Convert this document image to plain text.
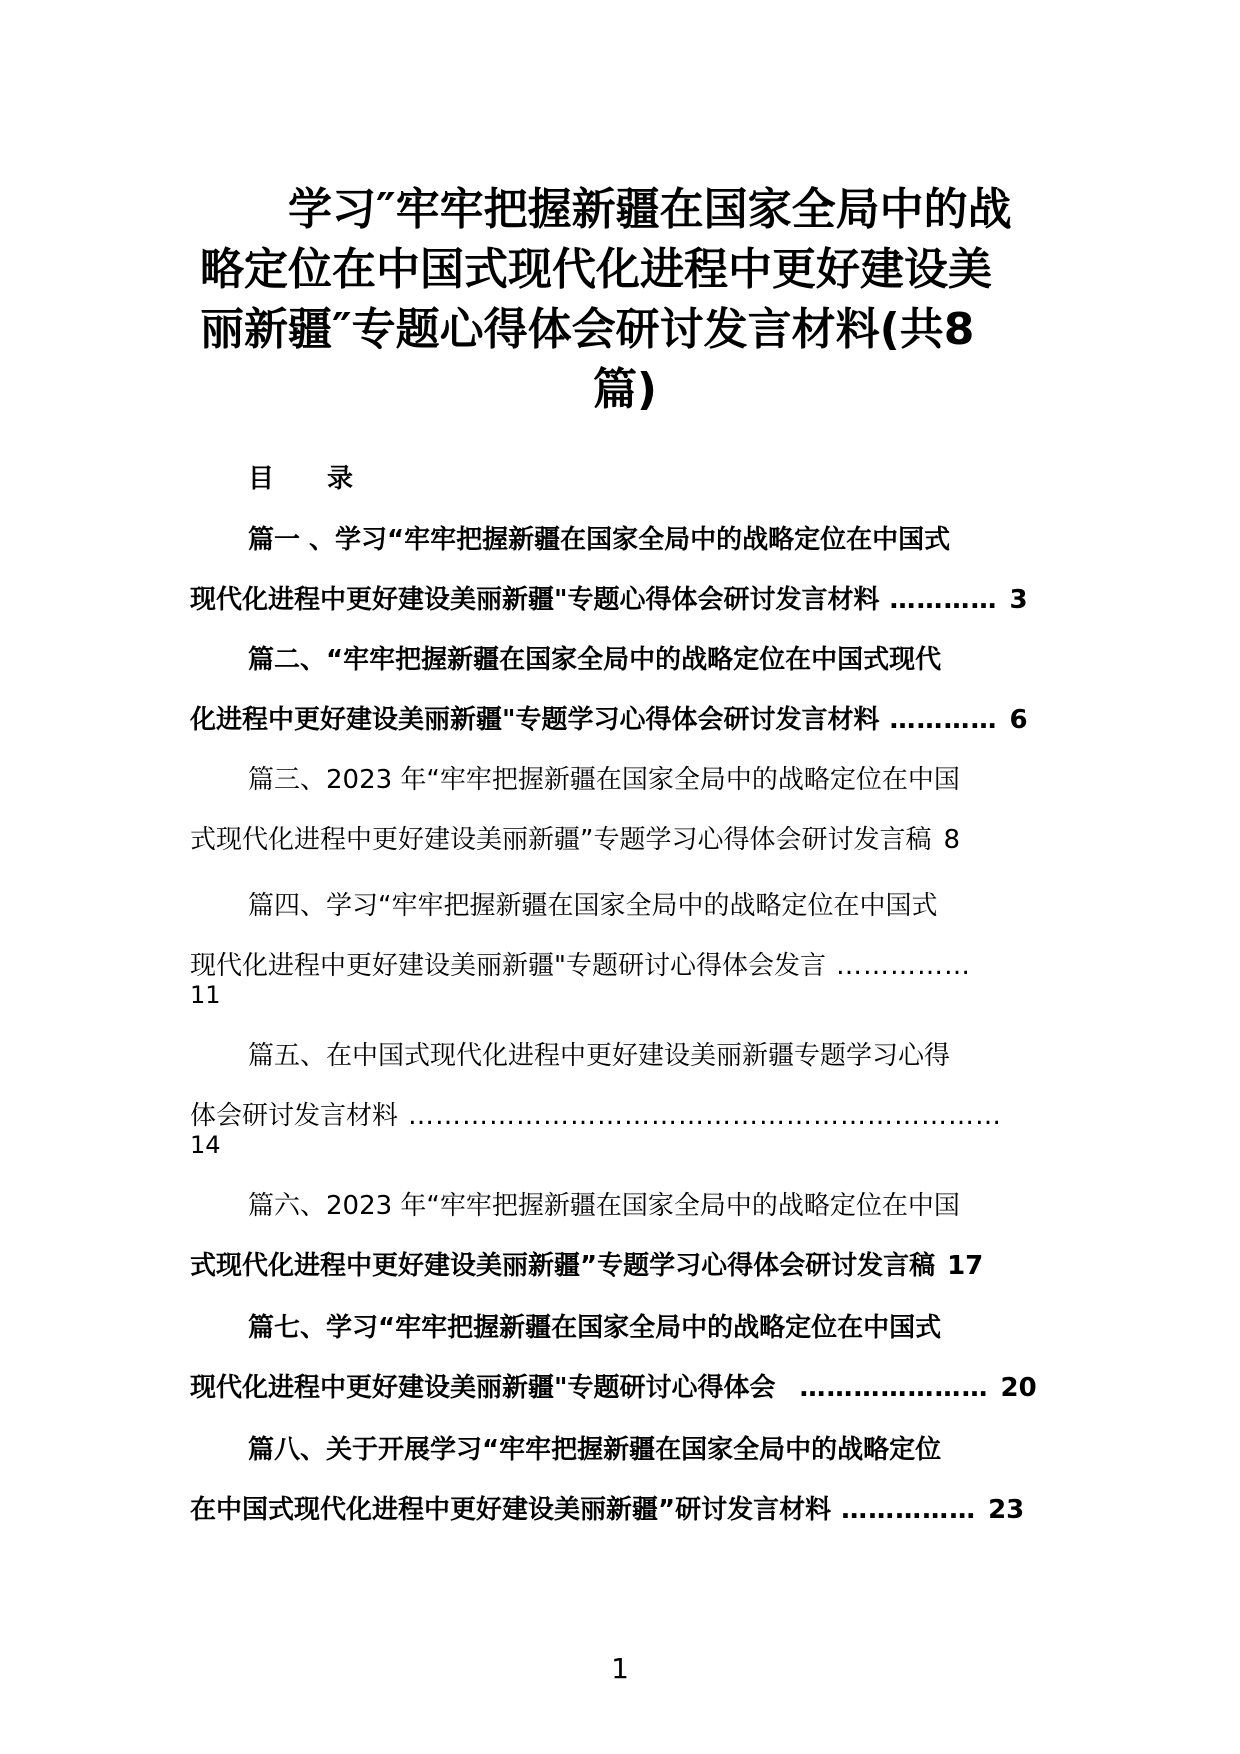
学习″牢牢把握新疆在国家全局中的战
略定位在中国式现代化进程中更好建设美
丽新疆″专题心得体会研讨发言材料(共8
篇)
目 录
篇一 、学习“牢牢把握新疆在国家全局中的战略定位在中国式
现代化进程中更好建设美丽新疆"专题心得体会研讨发言材料 ………… 3
篇二、“牢牢把握新疆在国家全局中的战略定位在中国式现代
化进程中更好建设美丽新疆"专题学习心得体会研讨发言材料 ………… 6
篇三、2023 年“牢牢把握新疆在国家全局中的战略定位在中国
式现代化进程中更好建设美丽新疆”专题学习心得体会研讨发言稿 8
篇四、学习“牢牢把握新疆在国家全局中的战略定位在中国式
现代化进程中更好建设美丽新疆"专题研讨心得体会发言 ……………
11
篇五、在中国式现代化进程中更好建设美丽新疆专题学习心得
体会研讨发言材料 …………………………………………………………
14
篇六、2023 年“牢牢把握新疆在国家全局中的战略定位在中国
式现代化进程中更好建设美丽新疆”专题学习心得体会研讨发言稿 17
篇七、学习“牢牢把握新疆在国家全局中的战略定位在中国式
现代化进程中更好建设美丽新疆"专题研讨心得体会 ………………… 20
篇八、关于开展学习“牢牢把握新疆在国家全局中的战略定位
在中国式现代化进程中更好建设美丽新疆”研讨发言材料 …………… 23
1
